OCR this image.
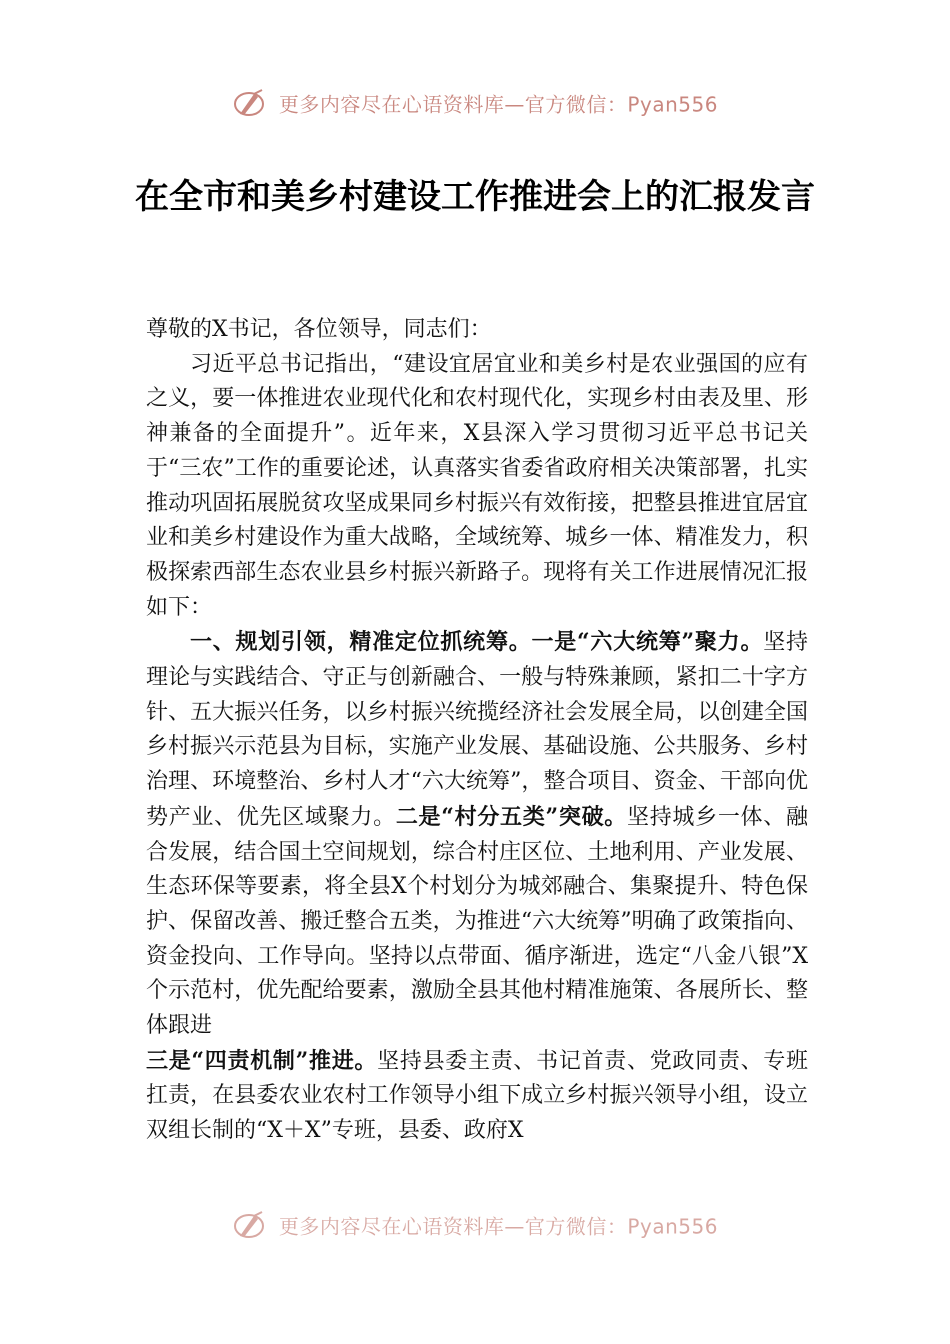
更多内容尽在心语资料库—官方微信：Pyan556
在全市和美乡村建设工作推进会上的汇报发言

尊敬的X书记，各位领导，同志们：

习近平总书记指出，“建设宜居宜业和美乡村是农业强国的应有之义，要一体推进农业现代化和农村现代化，实现乡村由表及里、形神兼备的全面提升”。近年来，X县深入学习贯彻习近平总书记关于“三农”工作的重要论述，认真落实省委省政府相关决策部署，扎实推动巩固拓展脱贫攻坚成果同乡村振兴有效衔接，把整县推进宜居宜业和美乡村建设作为重大战略，全域统筹、城乡一体、精准发力，积极探索西部生态农业县乡村振兴新路子。现将有关工作进展情况汇报如下：

一、规划引领，精准定位抓统筹。一是“六大统筹”聚力。坚持理论与实践结合、守正与创新融合、一般与特殊兼顾，紧扣二十字方针、五大振兴任务，以乡村振兴统揽经济社会发展全局，以创建全国乡村振兴示范县为目标，实施产业发展、基础设施、公共服务、乡村治理、环境整治、乡村人才“六大统筹”，整合项目、资金、干部向优势产业、优先区域聚力。二是“村分五类”突破。坚持城乡一体、融合发展，结合国土空间规划，综合村庄区位、土地利用、产业发展、生态环保等要素，将全县X个村划分为城郊融合、集聚提升、特色保护、保留改善、搬迁整合五类，为推进“六大统筹”明确了政策指向、资金投向、工作导向。坚持以点带面、循序渐进，选定“八金八银”X个示范村，优先配给要素，激励全县其他村精准施策、各展所长、整体跟进

三是“四责机制”推进。坚持县委主责、书记首责、党政同责、专班扛责，在县委农业农村工作领导小组下成立乡村振兴领导小组，设立双组长制的“X＋X”专班，县委、政府X

更多内容尽在心语资料库—官方微信：Pyan556
